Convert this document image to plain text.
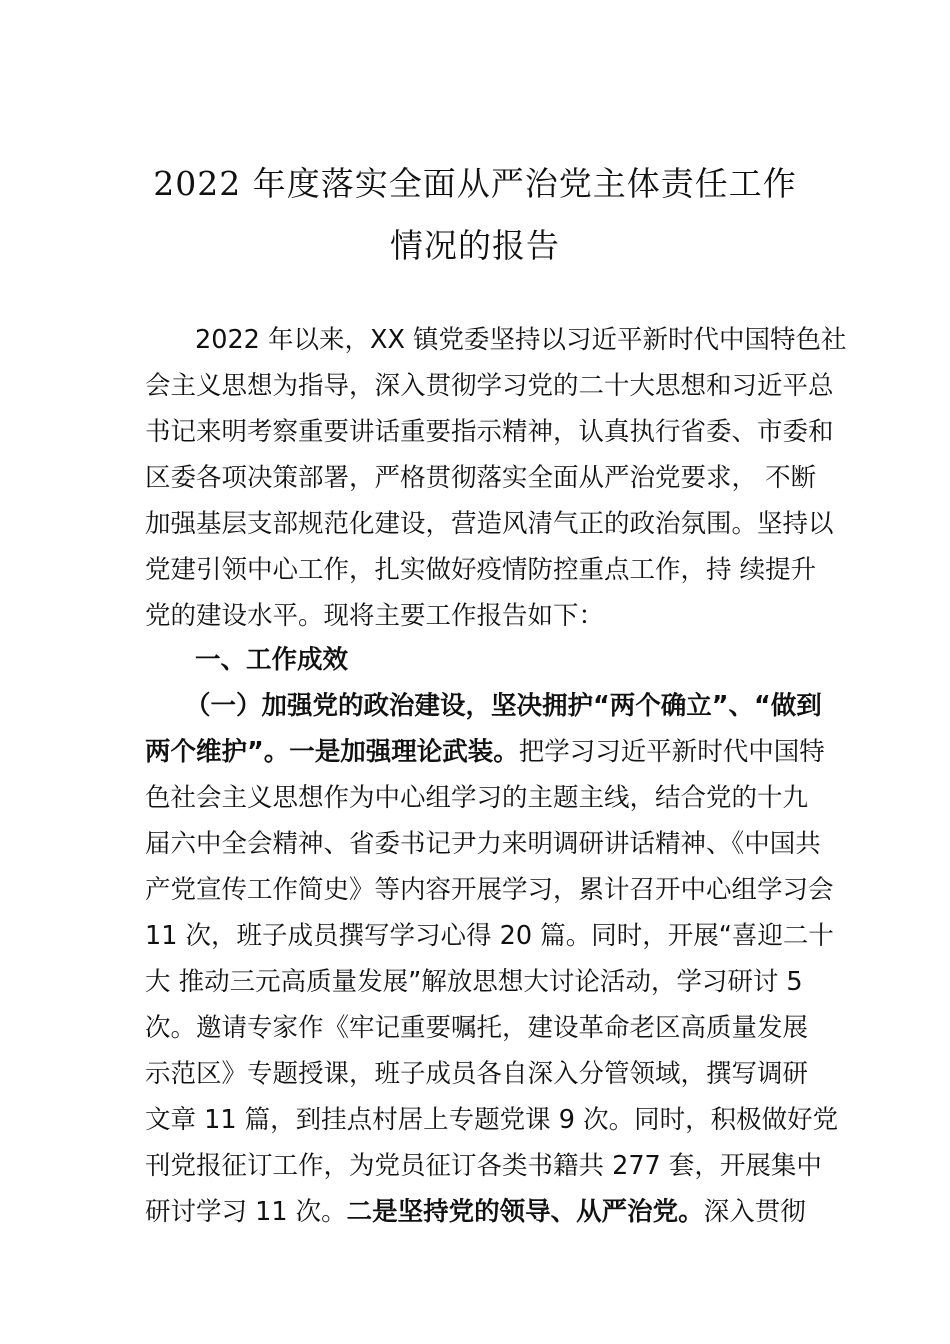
2022 年度落实全面从严治党主体责任工作
情况的报告
2022 年以来，XX 镇党委坚持以习近平新时代中国特色社
会主义思想为指导，深入贯彻学习党的二十大思想和习近平总
书记来明考察重要讲话重要指示精神，认真执行省委、市委和
区委各项决策部署，严格贯彻落实全面从严治党要求， 不断
加强基层支部规范化建设，营造风清气正的政治氛围。坚持以
党建引领中心工作，扎实做好疫情防控重点工作，持 续提升
党的建设水平。现将主要工作报告如下：
一、工作成效
（一）加强党的政治建设，坚决拥护“两个确立”、“做到
两个维护”。一是加强理论武装。把学习习近平新时代中国特
色社会主义思想作为中心组学习的主题主线，结合党的十九
届六中全会精神、省委书记尹力来明调研讲话精神、《中国共
产党宣传工作简史》等内容开展学习，累计召开中心组学习会
11 次，班子成员撰写学习心得 20 篇。同时，开展“喜迎二十
大 推动三元高质量发展”解放思想大讨论活动，学习研讨 5
次。邀请专家作《牢记重要嘱托，建设革命老区高质量发展
示范区》专题授课，班子成员各自深入分管领域，撰写调研
文章 11 篇，到挂点村居上专题党课 9 次。同时，积极做好党
刊党报征订工作，为党员征订各类书籍共 277 套，开展集中
研讨学习 11 次。二是坚持党的领导、从严治党。深入贯彻
